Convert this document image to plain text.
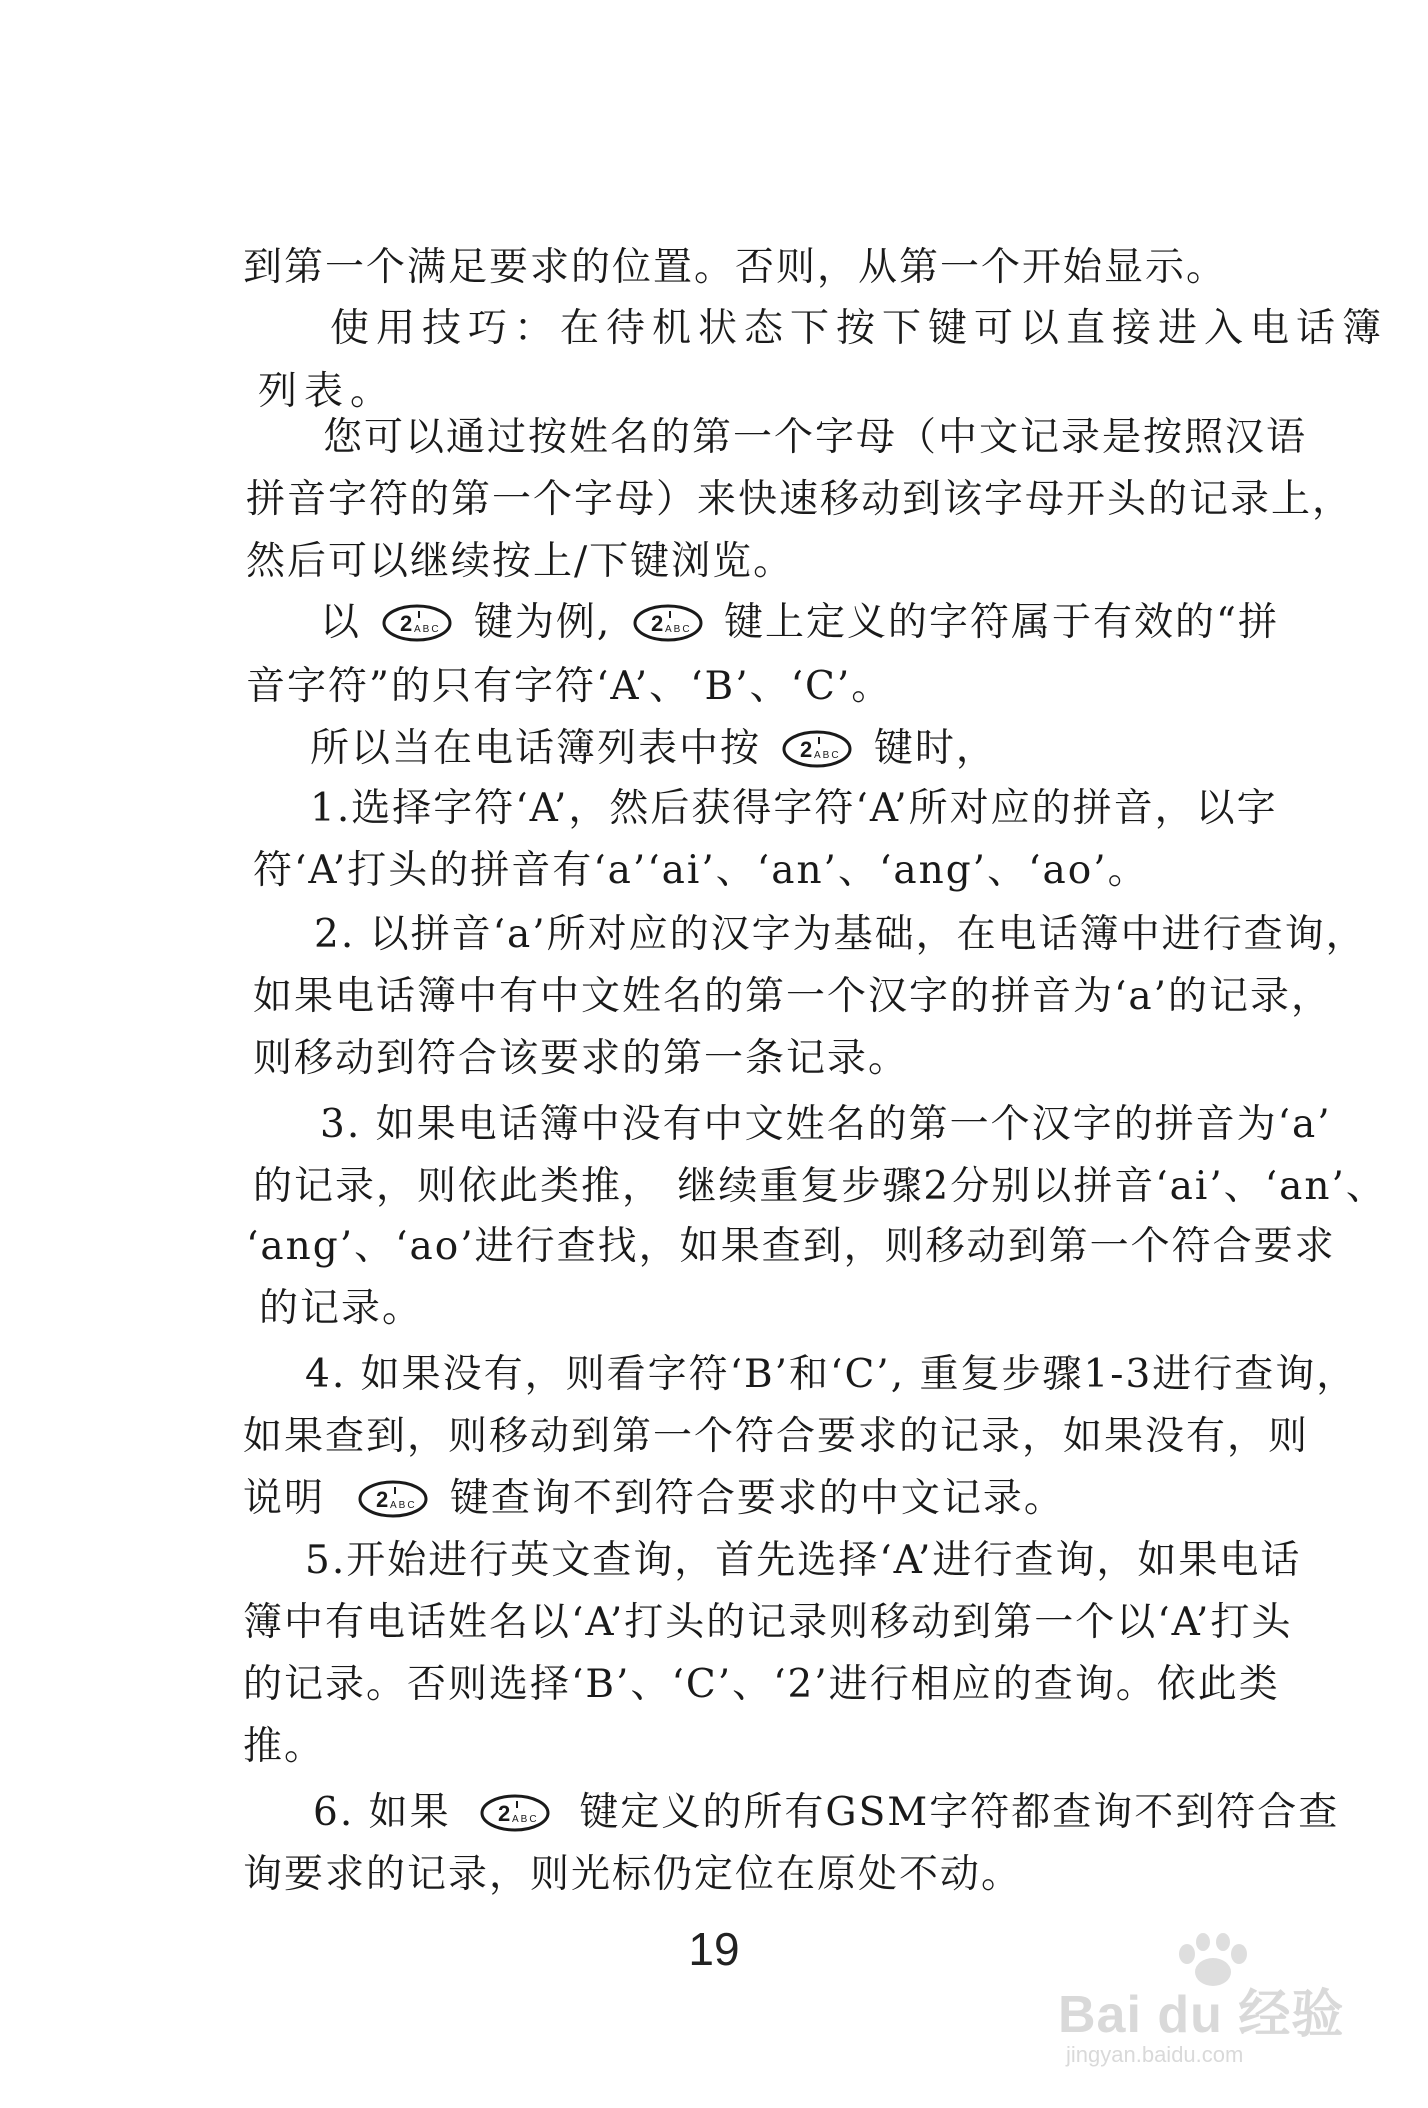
到第一个满足要求的位置。否则，从第一个开始显示。
使用技巧：在待机状态下按下键可以直接进入电话簿
列表。
您可以通过按姓名的第一个字母（中文记录是按照汉语
拼音字符的第一个字母）来快速移动到该字母开头的记录上，
然后可以继续按上/下键浏览。
以	键为例,	键上定义的字符属于有效的“拼
音字符”的只有字符‘A’、‘B’、‘C’。
所以当在电话簿列表中按	键时，
1.选择字符‘A’，然后获得字符‘A’所对应的拼音，以字
符‘A’打头的拼音有‘a’‘ai’、‘an’、‘ang’、‘ao’。
2. 以拼音‘a’所对应的汉字为基础，在电话簿中进行查询，
如果电话簿中有中文姓名的第一个汉字的拼音为‘a’的记录，
则移动到符合该要求的第一条记录。
3. 如果电话簿中没有中文姓名的第一个汉字的拼音为‘a’
的记录，则依此类推， 继续重复步骤2分别以拼音‘ai’、‘an’、
‘ang’、‘ao’进行查找，如果查到，则移动到第一个符合要求
的记录。
4. 如果没有，则看字符‘B’和‘C’, 重复步骤1-3进行查询，
如果查到，则移动到第一个符合要求的记录，如果没有，则
说明	键查询不到符合要求的中文记录。
5.开始进行英文查询，首先选择‘A’进行查询，如果电话
簿中有电话姓名以‘A’打头的记录则移动到第一个以‘A’打头
的记录。否则选择‘B’、‘C’、‘2’进行相应的查询。依此类
推。
6. 如果	键定义的所有GSM字符都查询不到符合查
询要求的记录，则光标仍定位在原处不动。
19
Bai du 经验
jingyan.baidu.com
